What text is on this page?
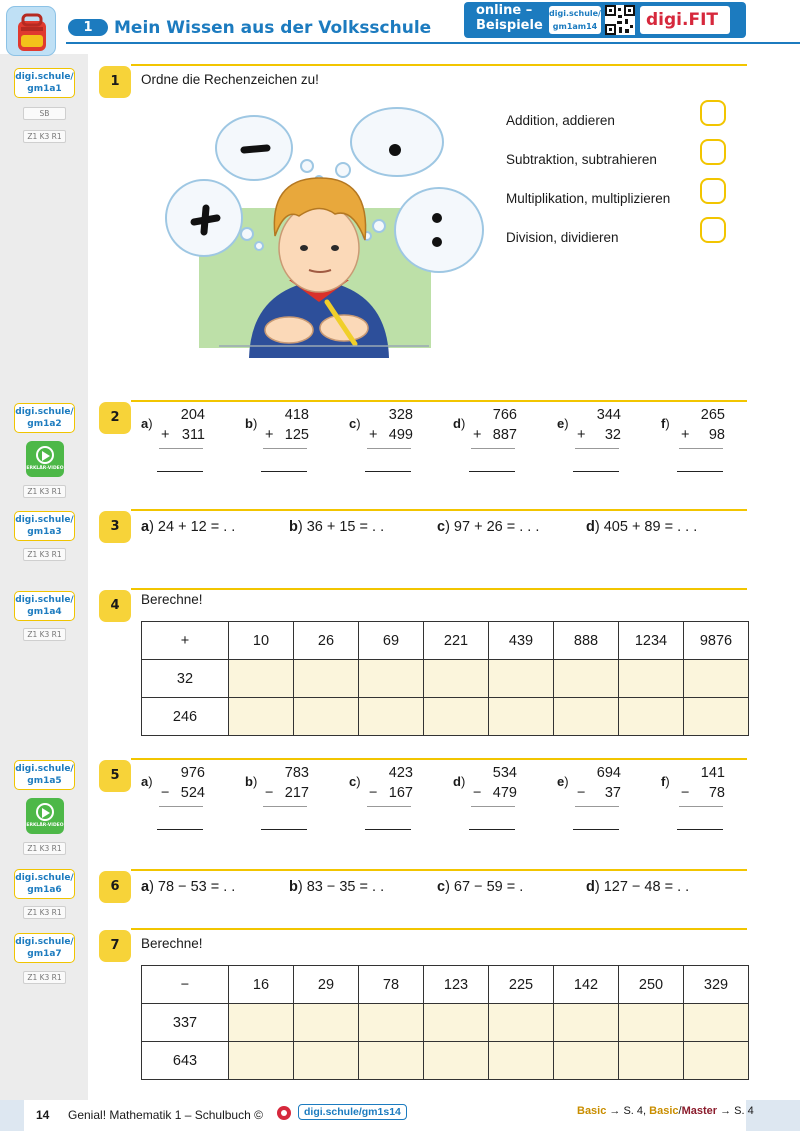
1	Mein Wissen aus der Volksschule
online –
Beispiele
digi.schule/
gm1am14	digi.FIT
digi.schule/
gm1a1
SB
Z1 K3 R1
digi.schule/
gm1a2
ERKLÄR-VIDEO
Z1 K3 R1
digi.schule/
gm1a3
Z1 K3 R1
digi.schule/
gm1a4
Z1 K3 R1
digi.schule/
gm1a5
ERKLÄR-VIDEO
Z1 K3 R1
digi.schule/
gm1a6
Z1 K3 R1
digi.schule/
gm1a7
Z1 K3 R1
1	Ordne die Rechenzeichen zu!
Addition, addieren
Subtraktion, subtrahieren
Multiplikation, multiplizieren
Division, dividieren
2	a)
204
+ 311
b)
418
+ 125
c)
328
+ 499
d)
766
+ 887
e)
344
+	32
f)
265
+	98
3	a) 24 + 12 = . .	b) 36 + 15 = . .	c) 97 + 26 = . . .	d) 405 + 89 = . . .
4	Berechne!
+	10	26	69	221	439	888	1234	9876
32								
246								
5	a)
976
− 524
b)
783
− 217
c)
423
− 167
d)
534
− 479
e)
694
−	37
f)
141
−	78
6	a) 78 − 53 = . .	b) 83 − 35 = . .	c) 67 − 59 = .	d) 127 − 48 = . .
7	Berechne!
−	16	29	78	123	225	142	250	329
337								
643								
14 Genial! Mathematik 1 – Schulbuch ©	digi.schule/gm1s14	Basic → S. 4, Basic/Master → S. 4
